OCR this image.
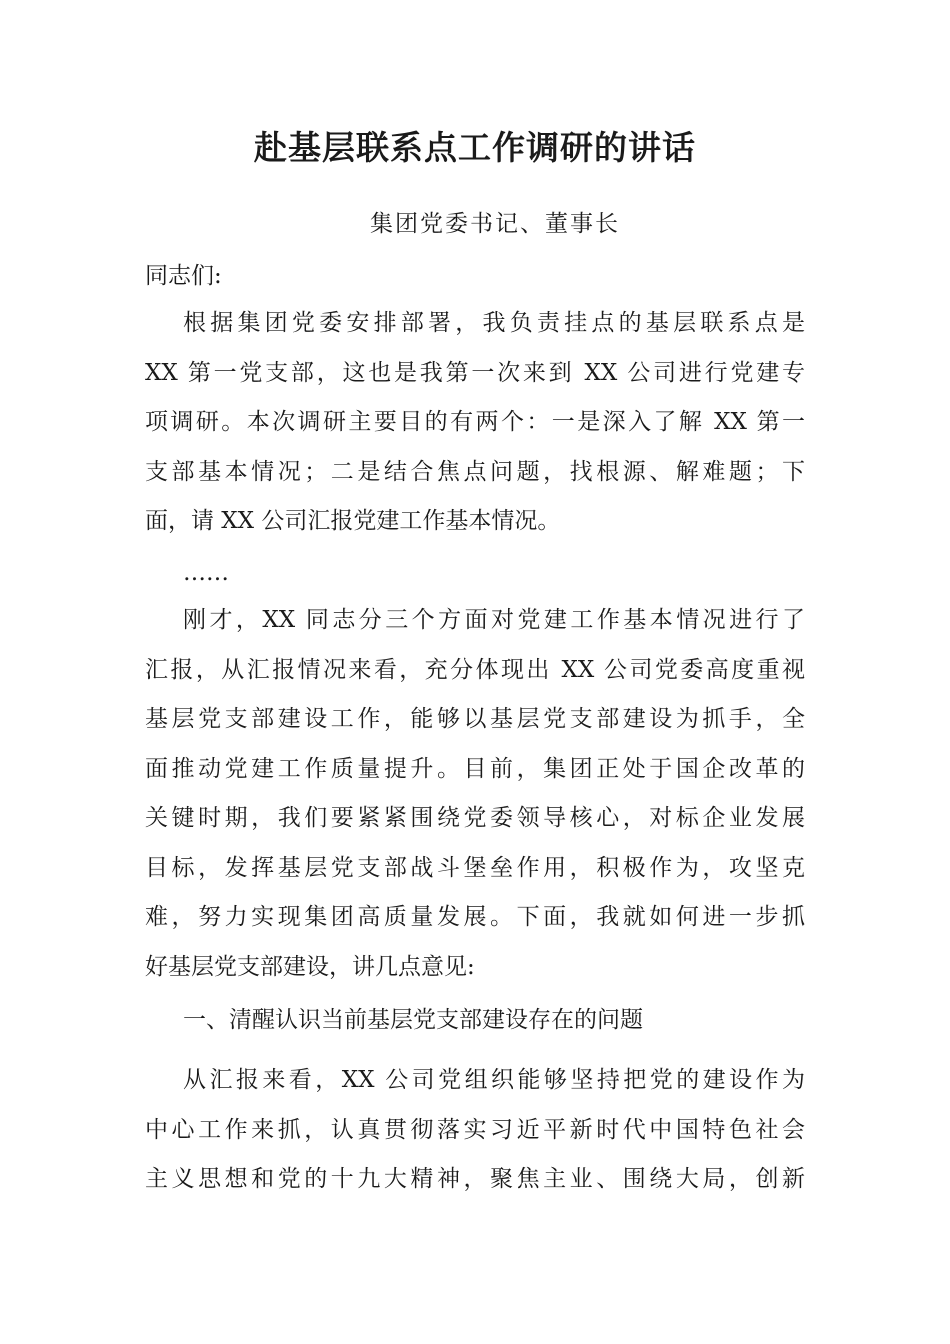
赴基层联系点工作调研的讲话
集团党委书记、董事长
同志们:
根据集团党委安排部署，我负责挂点的基层联系点是
XX 第一党支部，这也是我第一次来到 XX 公司进行党建专
项调研。本次调研主要目的有两个：一是深入了解 XX 第一
支部基本情况；二是结合焦点问题，找根源、解难题；下
面，请 XX 公司汇报党建工作基本情况。
……
刚才，XX 同志分三个方面对党建工作基本情况进行了
汇报，从汇报情况来看，充分体现出 XX 公司党委高度重视
基层党支部建设工作，能够以基层党支部建设为抓手，全
面推动党建工作质量提升。目前，集团正处于国企改革的
关键时期，我们要紧紧围绕党委领导核心，对标企业发展
目标，发挥基层党支部战斗堡垒作用，积极作为，攻坚克
难，努力实现集团高质量发展。下面，我就如何进一步抓
好基层党支部建设，讲几点意见:
一、清醒认识当前基层党支部建设存在的问题
从汇报来看，XX 公司党组织能够坚持把党的建设作为
中心工作来抓，认真贯彻落实习近平新时代中国特色社会
主义思想和党的十九大精神，聚焦主业、围绕大局，创新
